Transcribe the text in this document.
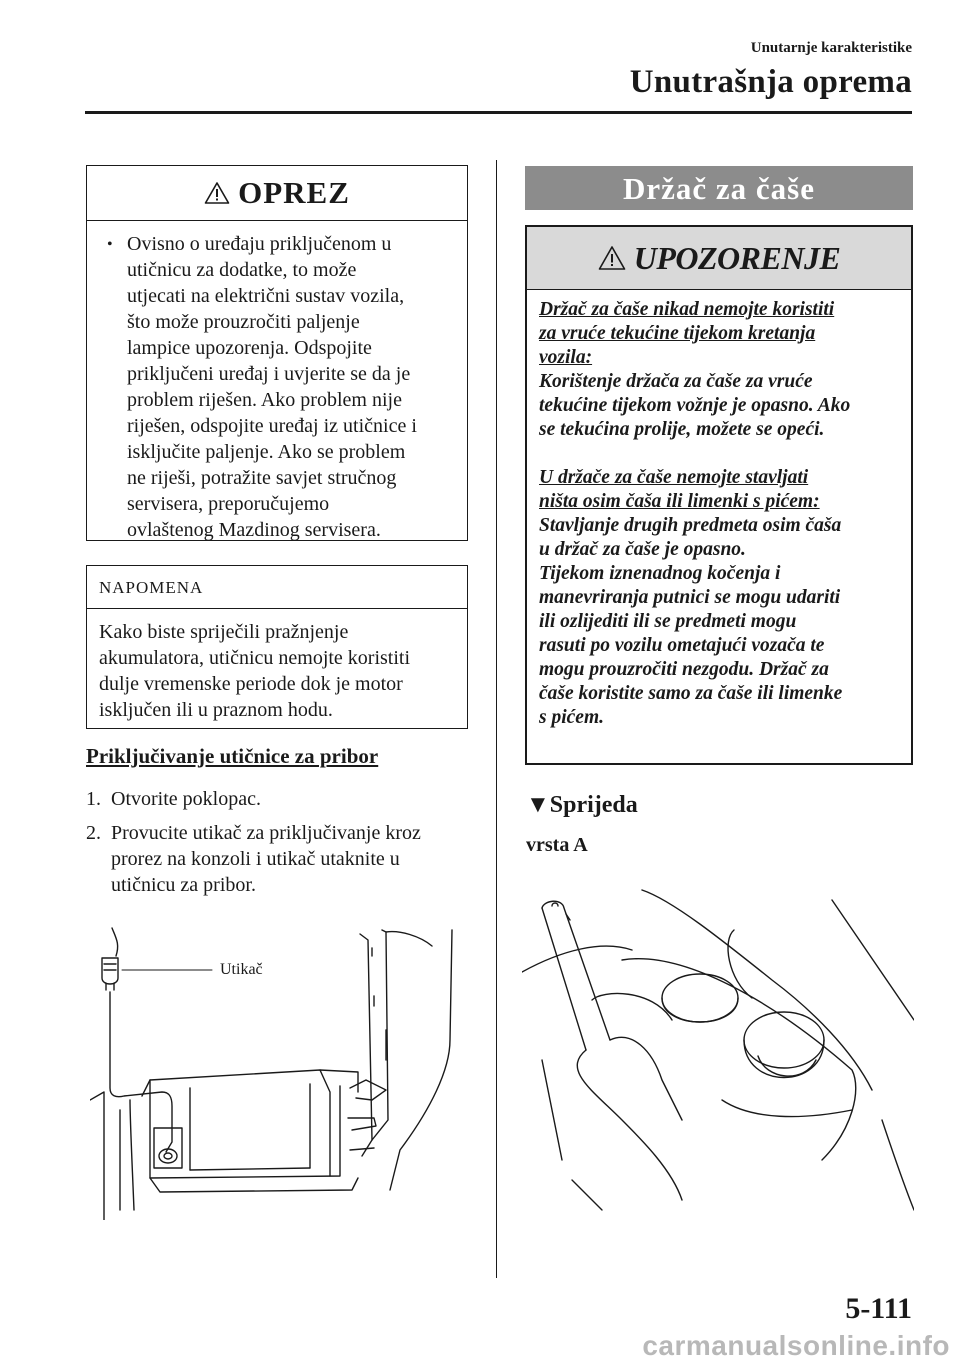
Unutarnje karakteristike
Unutrašnja oprema
OPREZ
• Ovisno o uređaju priključenom u
utičnicu za dodatke, to može
utjecati na električni sustav vozila,
što može prouzročiti paljenje
lampice upozorenja. Odspojite
priključeni uređaj i uvjerite se da je
problem riješen. Ako problem nije
riješen, odspojite uređaj iz utičnice i
isključite paljenje. Ako se problem
ne riješi, potražite savjet stručnog
servisera, preporučujemo
ovlaštenog Mazdinog servisera.
NAPOMENA
Kako biste spriječili pražnjenje
akumulatora, utičnicu nemojte koristiti
dulje vremenske periode dok je motor
isključen ili u praznom hodu.
Priključivanje utičnice za pribor
1. Otvorite poklopac.
2. Provucite utikač za priključivanje kroz
prorez na konzoli i utikač utaknite u
utičnicu za pribor.
Utikač
Držač za čaše
UPOZORENJE

Držač za čaše nikad nemojte koristiti

za vruće tekućine tijekom kretanja

vozila:

Korištenje držača za čaše za vruće

tekućine tijekom vožnje je opasno. Ako

se tekućina prolije, možete se opeći.

U držače za čaše nemojte stavljati

ništa osim čaša ili limenki s pićem:

Stavljanje drugih predmeta osim čaša

u držač za čaše je opasno.

Tijekom iznenadnog kočenja i

manevriranja putnici se mogu udariti

ili ozlijediti ili se predmeti mogu

rasuti po vozilu ometajući vozača te

mogu prouzročiti nezgodu. Držač za

čaše koristite samo za čaše ili limenke

s pićem.

▼Sprijeda
vrsta A
5-111
carmanualsonline.info
